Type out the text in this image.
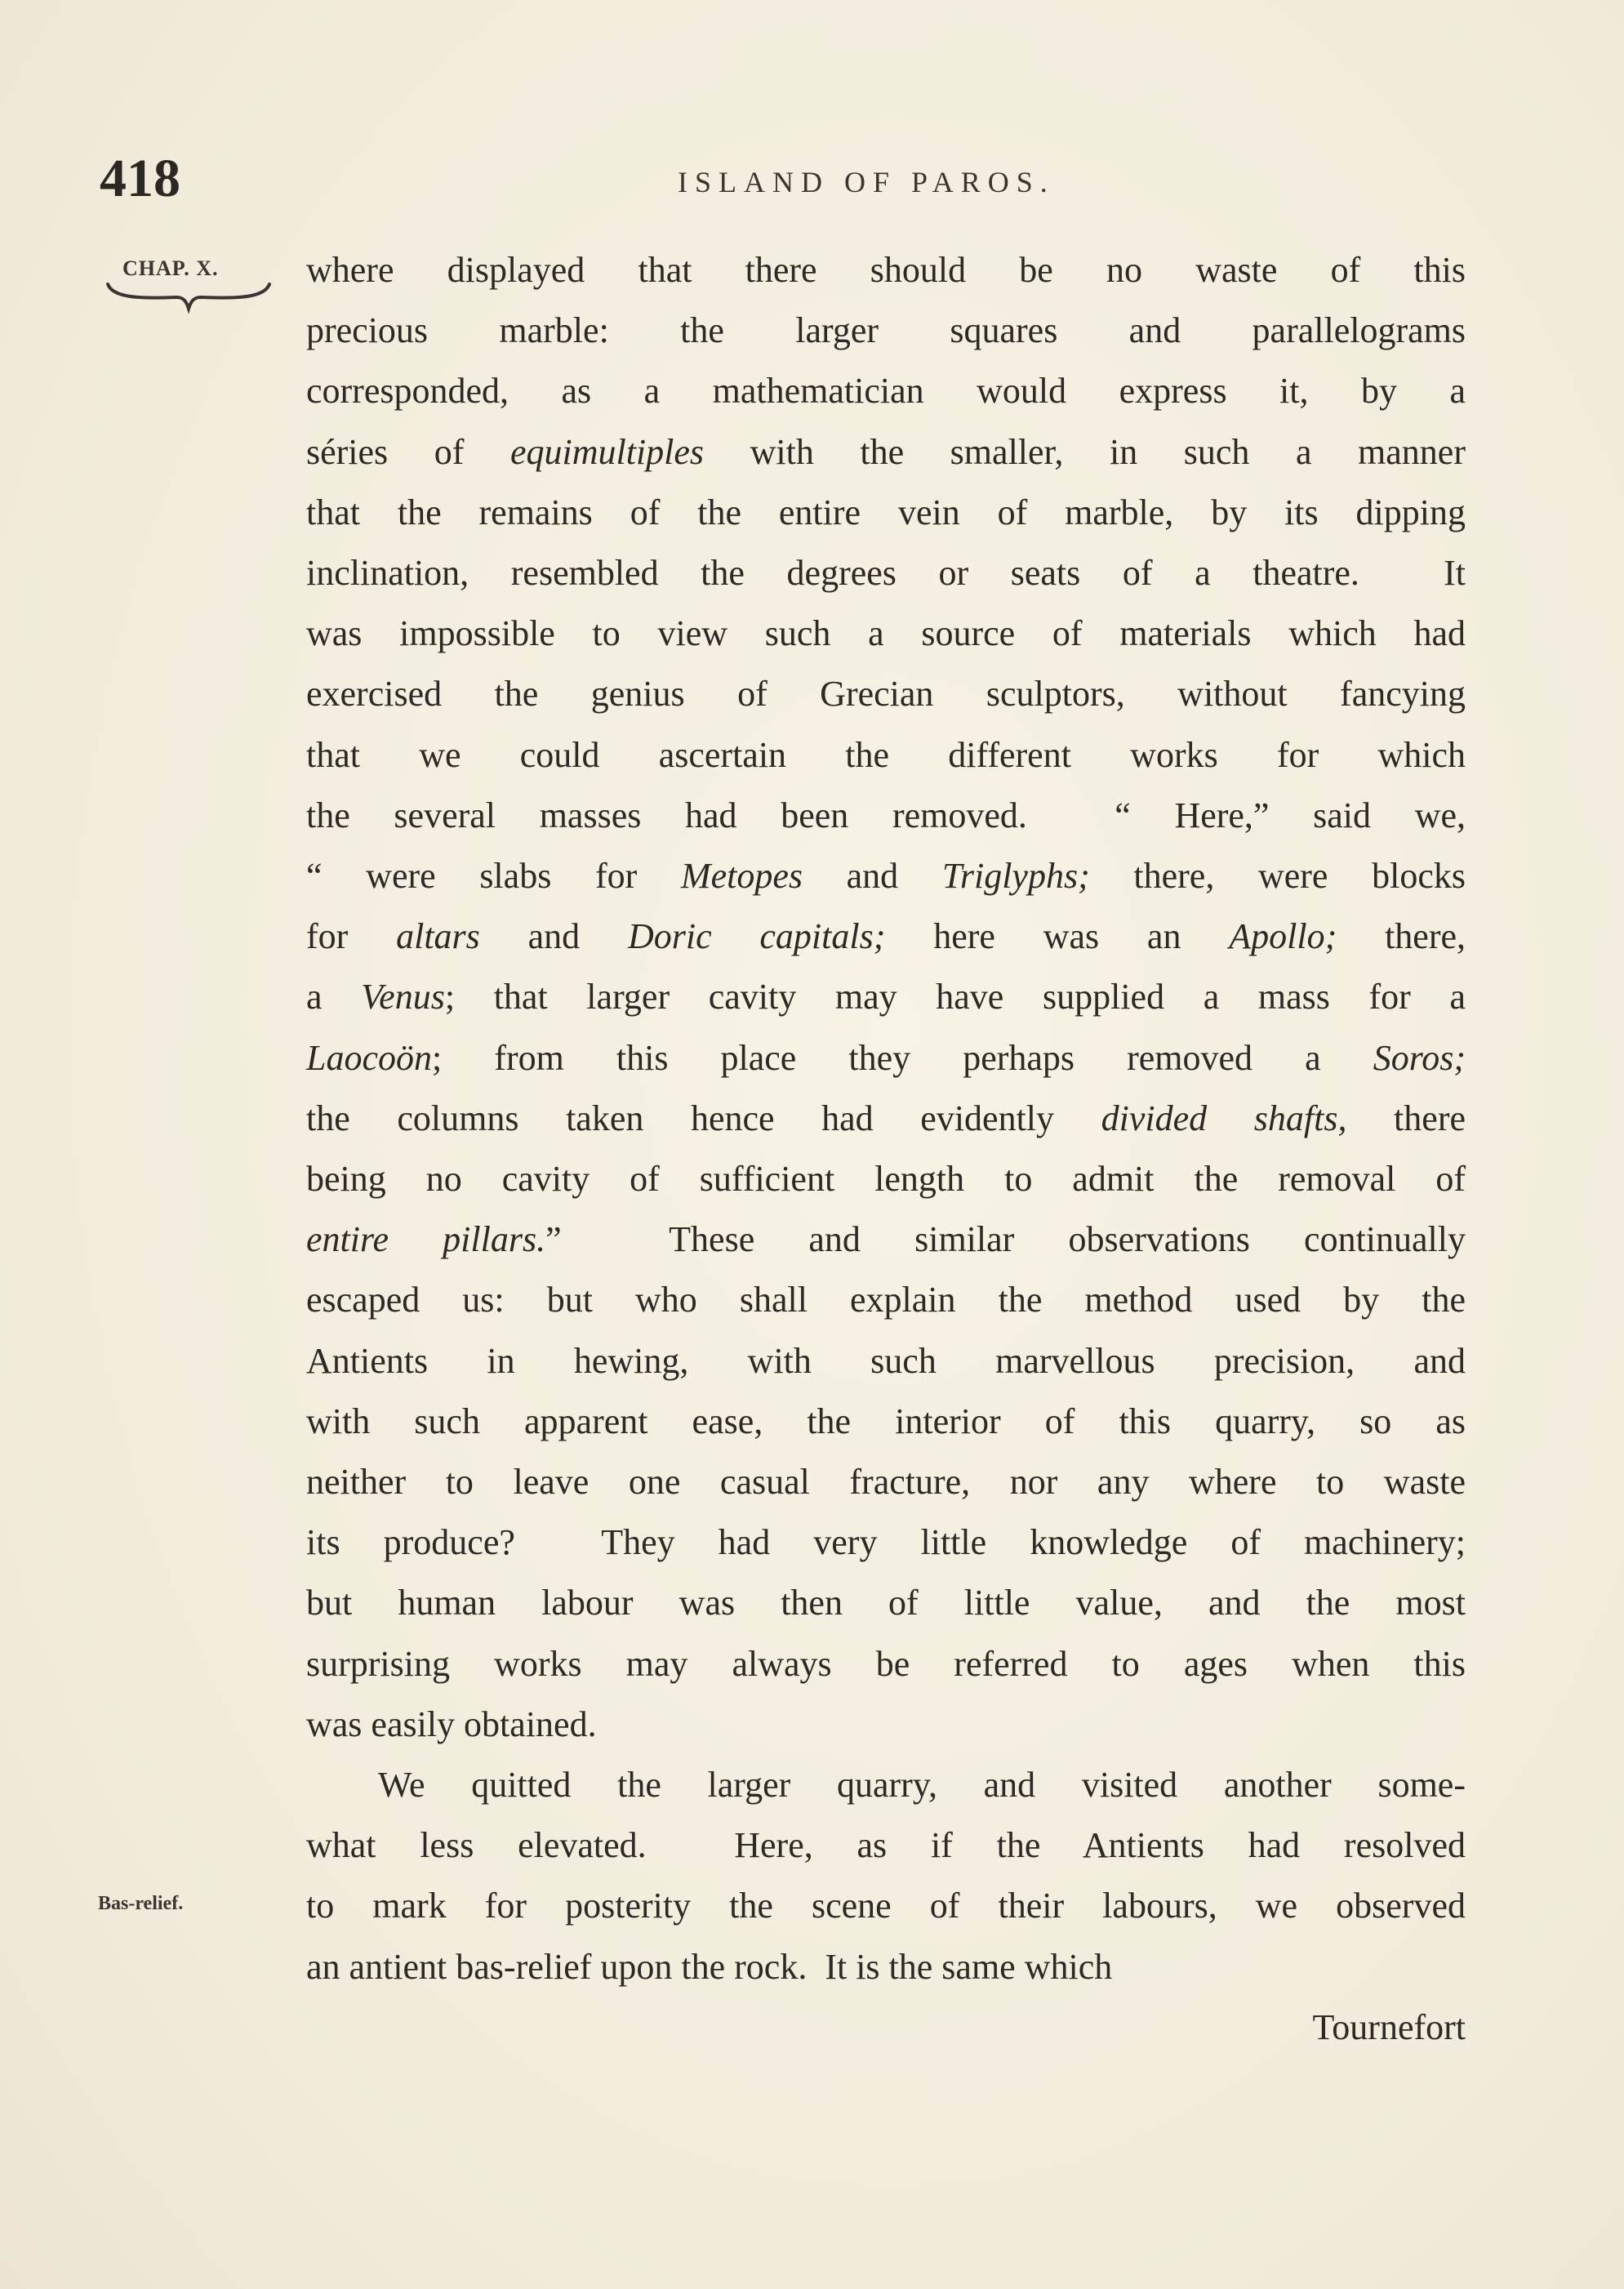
418	ISLAND OF PAROS.
CHAP. X.
Bas-relief.
where displayed that there should be no waste of this
precious marble: the larger squares and parallelograms
corresponded, as a mathematician would express it, by a
séries of equimultiples with the smaller, in such a manner
that the remains of the entire vein of marble, by its dipping
inclination, resembled the degrees or seats of a theatre.  It
was impossible to view such a source of materials which had
exercised the genius of Grecian sculptors, without fancying
that we could ascertain the different works for which
the several masses had been removed.  “ Here,” said we,
“ were slabs for Metopes and Triglyphs; there, were blocks
for altars and Doric capitals; here was an Apollo; there,
a Venus; that larger cavity may have supplied a mass for a
Laocoön; from this place they perhaps removed a Soros;
the columns taken hence had evidently divided shafts, there
being no cavity of sufficient length to admit the removal of
entire pillars.”  These and similar observations continually
escaped us: but who shall explain the method used by the
Antients in hewing, with such marvellous precision, and
with such apparent ease, the interior of this quarry, so as
neither to leave one casual fracture, nor any where to waste
its produce?  They had very little knowledge of machinery;
but human labour was then of little value, and the most
surprising works may always be referred to ages when this
was easily obtained.
We quitted the larger quarry, and visited another some-
what less elevated.  Here, as if the Antients had resolved
to mark for posterity the scene of their labours, we observed
an antient bas-relief upon the rock.  It is the same which
Tournefort
